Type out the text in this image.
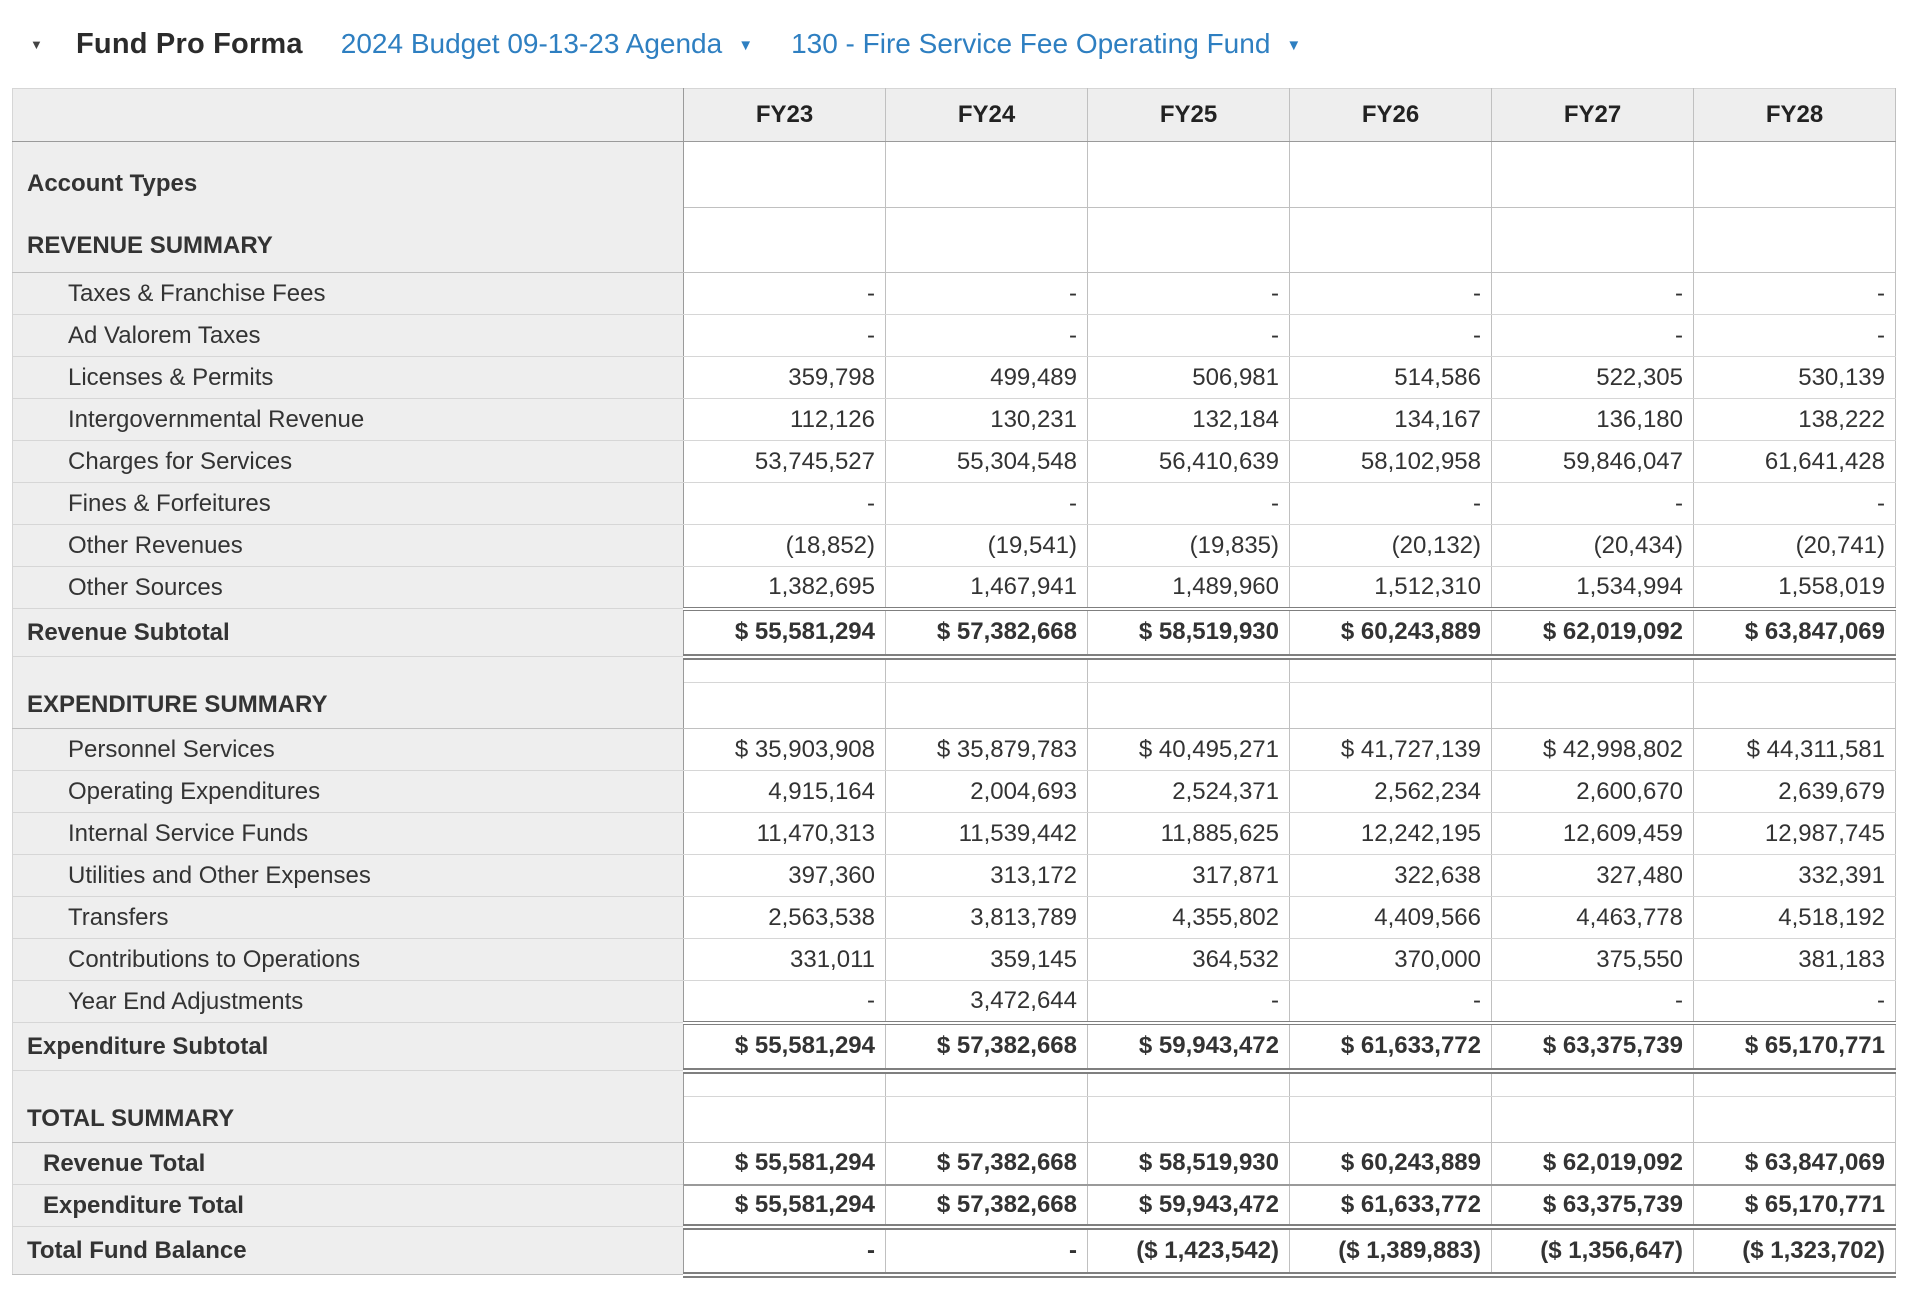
▼ Fund Pro Forma 2024 Budget 09-13-23 Agenda ▼ 130 - Fire Service Fee Operating Fund ▼
	FY23	FY24	FY25	FY26	FY27	FY28
Account Types						
REVENUE SUMMARY						
Taxes & Franchise Fees	-	-	-	-	-	-
Ad Valorem Taxes	-	-	-	-	-	-
Licenses & Permits	359,798	499,489	506,981	514,586	522,305	530,139
Intergovernmental Revenue	112,126	130,231	132,184	134,167	136,180	138,222
Charges for Services	53,745,527	55,304,548	56,410,639	58,102,958	59,846,047	61,641,428
Fines & Forfeitures	-	-	-	-	-	-
Other Revenues	(18,852)	(19,541)	(19,835)	(20,132)	(20,434)	(20,741)
Other Sources	1,382,695	1,467,941	1,489,960	1,512,310	1,534,994	1,558,019
Revenue Subtotal	$ 55,581,294	$ 57,382,668	$ 58,519,930	$ 60,243,889	$ 62,019,092	$ 63,847,069

EXPENDITURE SUMMARY						
Personnel Services	$ 35,903,908	$ 35,879,783	$ 40,495,271	$ 41,727,139	$ 42,998,802	$ 44,311,581
Operating Expenditures	4,915,164	2,004,693	2,524,371	2,562,234	2,600,670	2,639,679
Internal Service Funds	11,470,313	11,539,442	11,885,625	12,242,195	12,609,459	12,987,745
Utilities and Other Expenses	397,360	313,172	317,871	322,638	327,480	332,391
Transfers	2,563,538	3,813,789	4,355,802	4,409,566	4,463,778	4,518,192
Contributions to Operations	331,011	359,145	364,532	370,000	375,550	381,183
Year End Adjustments	-	3,472,644	-	-	-	-
Expenditure Subtotal	$ 55,581,294	$ 57,382,668	$ 59,943,472	$ 61,633,772	$ 63,375,739	$ 65,170,771

TOTAL SUMMARY						
Revenue Total	$ 55,581,294	$ 57,382,668	$ 58,519,930	$ 60,243,889	$ 62,019,092	$ 63,847,069
Expenditure Total	$ 55,581,294	$ 57,382,668	$ 59,943,472	$ 61,633,772	$ 63,375,739	$ 65,170,771
Total Fund Balance	-	-	($ 1,423,542)	($ 1,389,883)	($ 1,356,647)	($ 1,323,702)
